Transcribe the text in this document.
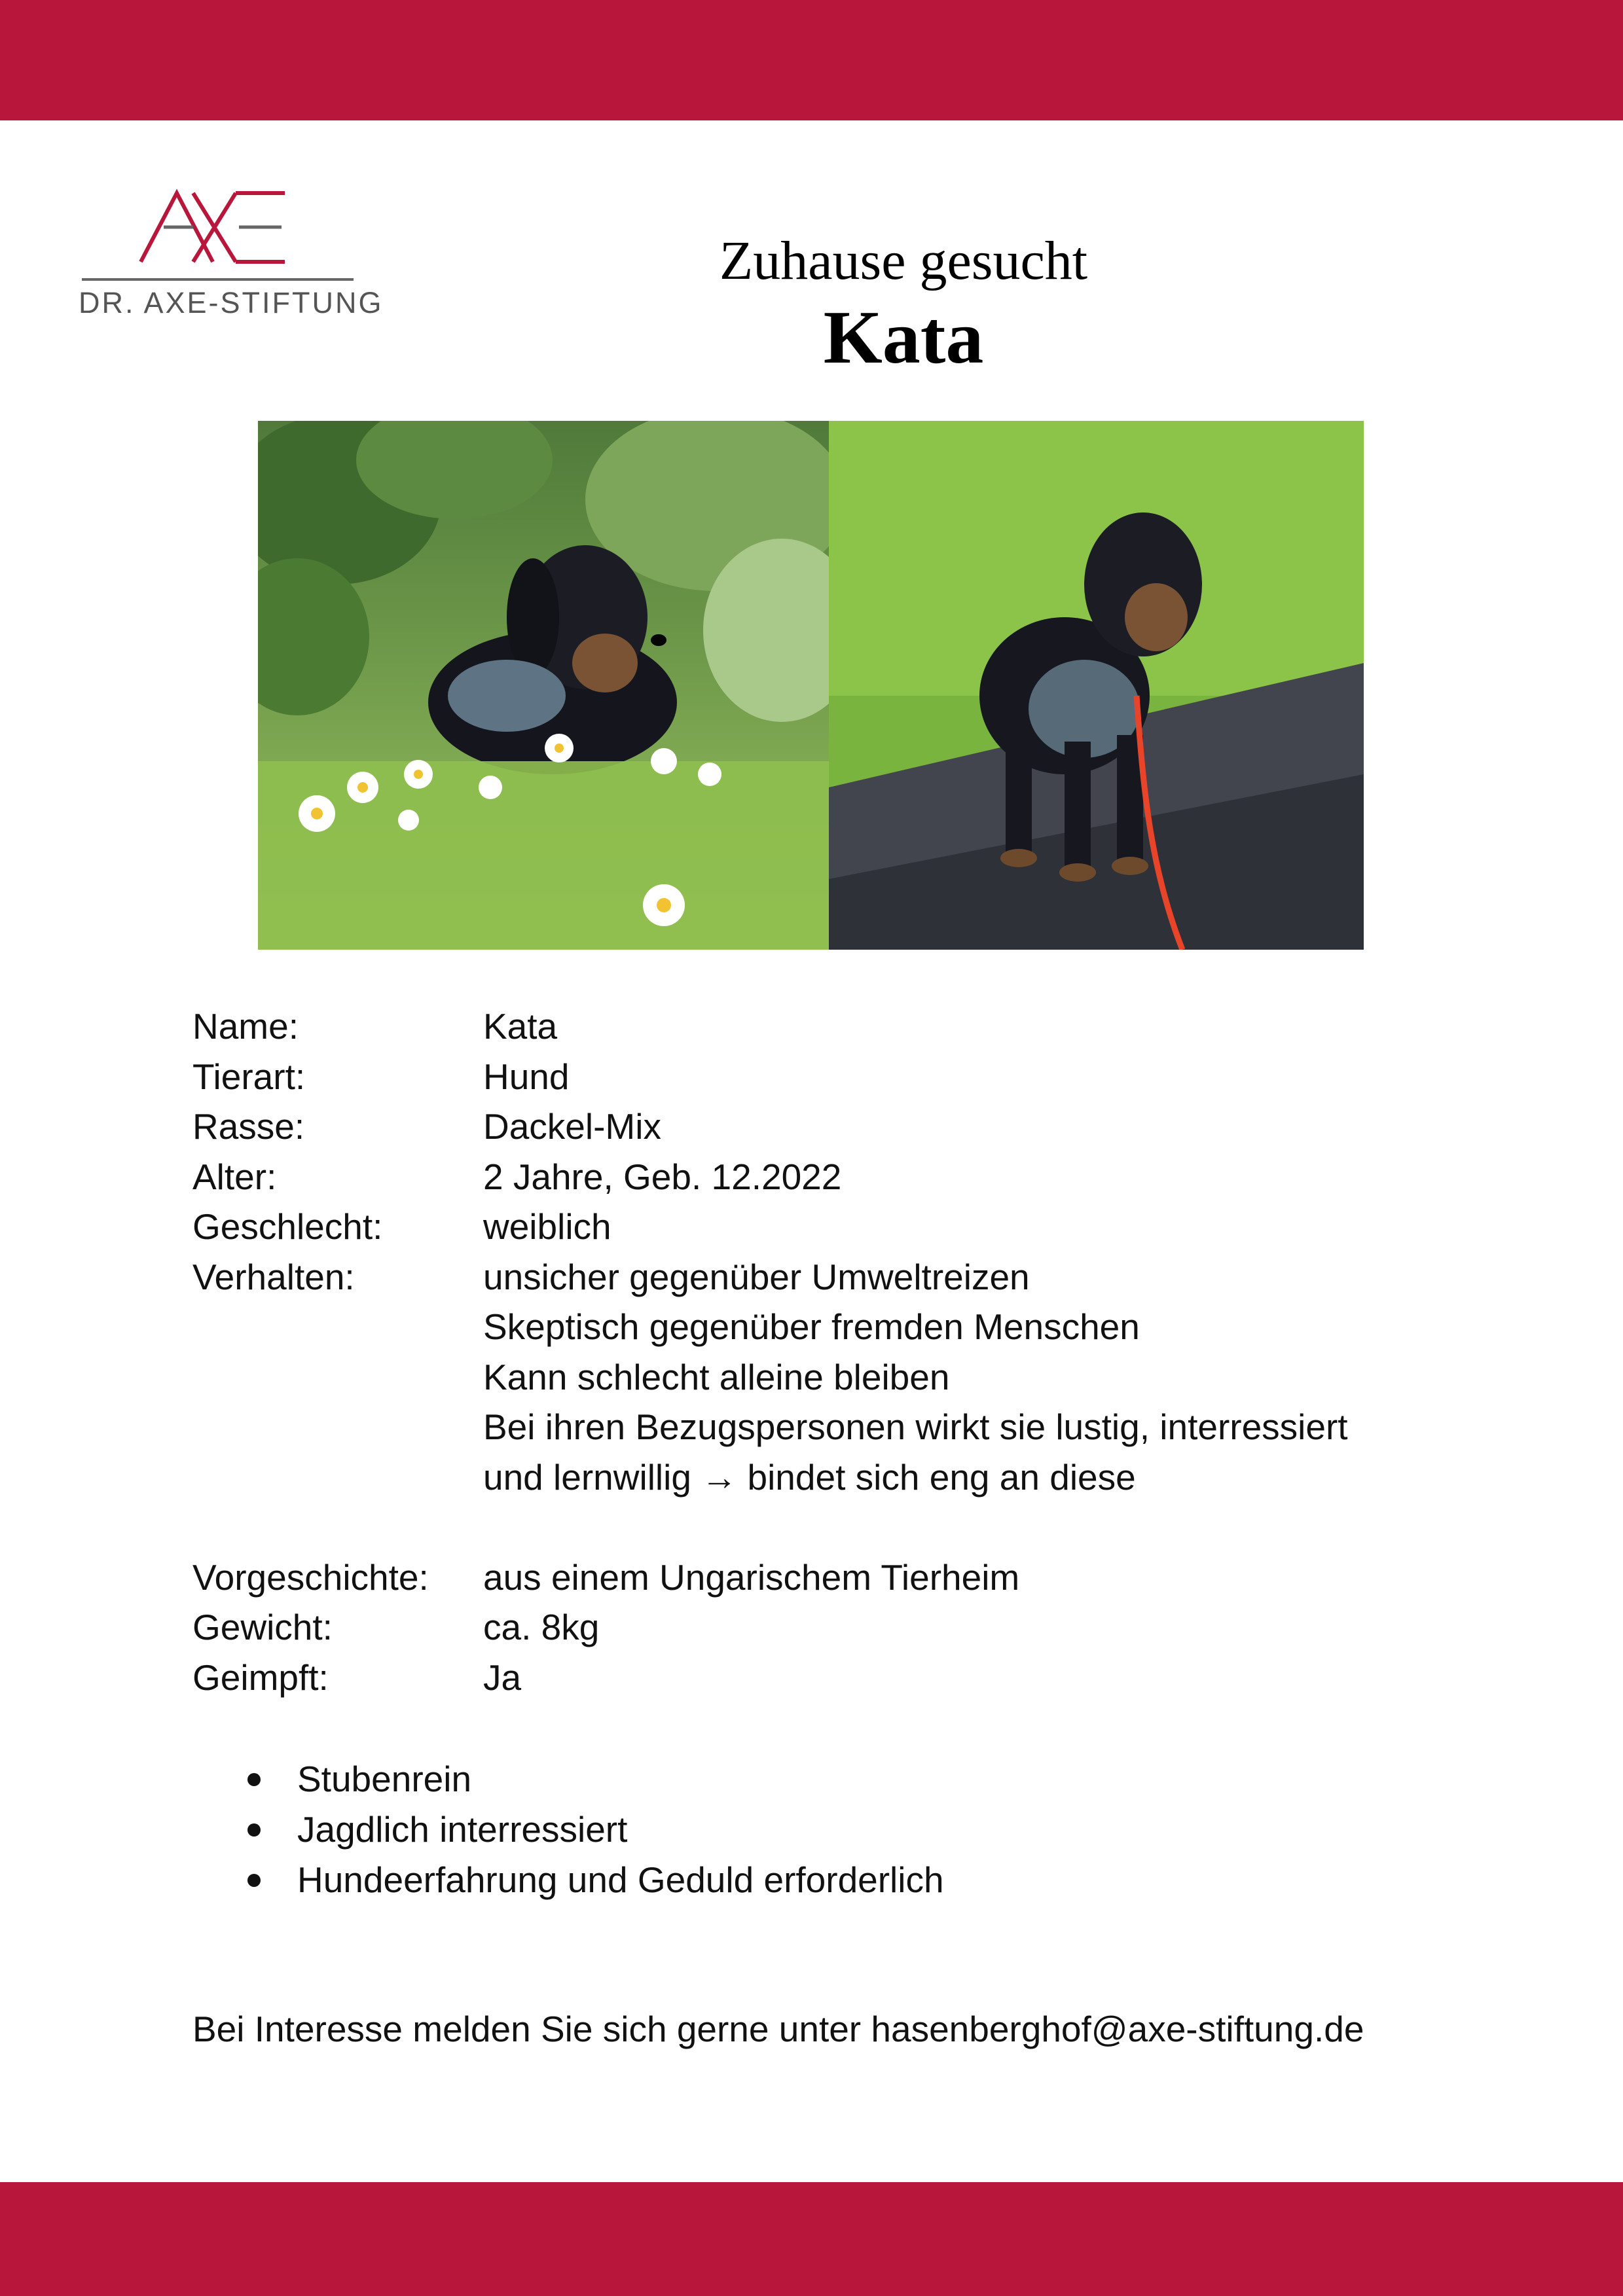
DR. AXE-STIFTUNG
Zuhause gesucht
Kata
Name:	Kata
Tierart:	Hund
Rasse:	Dackel-Mix
Alter:	2 Jahre, Geb. 12.2022
Geschlecht:	weiblich
Verhalten:	unsicher gegenüber Umweltreizen
Skeptisch gegenüber fremden Menschen
Kann schlecht alleine bleiben
Bei ihren Bezugspersonen wirkt sie lustig, interressiert
und lernwillig → bindet sich eng an diese
Vorgeschichte:	aus einem Ungarischem Tierheim
Gewicht:	ca. 8kg
Geimpft:	Ja
Stubenrein
Jagdlich interressiert
Hundeerfahrung und Geduld erforderlich
Bei Interesse melden Sie sich gerne unter hasenberghof@axe-stiftung.de
